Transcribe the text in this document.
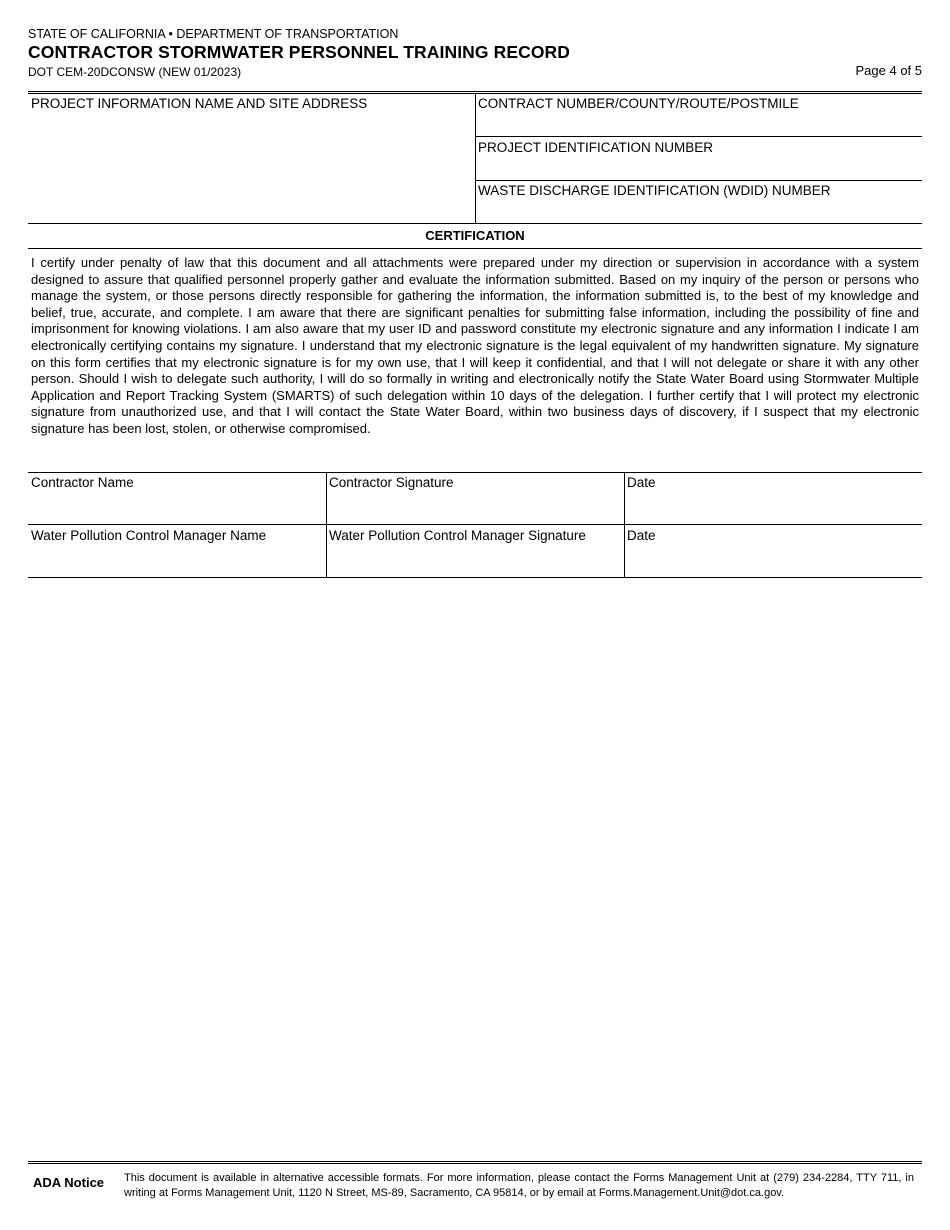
STATE OF CALIFORNIA • DEPARTMENT OF TRANSPORTATION
CONTRACTOR STORMWATER PERSONNEL TRAINING RECORD
DOT CEM-20DCONSW (NEW 01/2023)	Page 4 of 5
PROJECT INFORMATION NAME AND SITE ADDRESS	CONTRACT NUMBER/COUNTY/ROUTE/POSTMILE
PROJECT IDENTIFICATION NUMBER
WASTE DISCHARGE IDENTIFICATION (WDID) NUMBER
CERTIFICATION
I certify under penalty of law that this document and all attachments were prepared under my direction or supervision in accordance with a system designed to assure that qualified personnel properly gather and evaluate the information submitted. Based on my inquiry of the person or persons who manage the system, or those persons directly responsible for gathering the information, the information submitted is, to the best of my knowledge and belief, true, accurate, and complete. I am aware that there are significant penalties for submitting false information, including the possibility of fine and imprisonment for knowing violations. I am also aware that my user ID and password constitute my electronic signature and any information I indicate I am electronically certifying contains my signature. I understand that my electronic signature is the legal equivalent of my handwritten signature. My signature on this form certifies that my electronic signature is for my own use, that I will keep it confidential, and that I will not delegate or share it with any other person. Should I wish to delegate such authority, I will do so formally in writing and electronically notify the State Water Board using Stormwater Multiple Application and Report Tracking System (SMARTS) of such delegation within 10 days of the delegation. I further certify that I will protect my electronic signature from unauthorized use, and that I will contact the State Water Board, within two business days of discovery, if I suspect that my electronic signature has been lost, stolen, or otherwise compromised.
Contractor Name	Contractor Signature	Date
Water Pollution Control Manager Name	Water Pollution Control Manager Signature	Date
ADA Notice This document is available in alternative accessible formats. For more information, please contact the Forms Management Unit at (279) 234-2284, TTY 711, in writing at Forms Management Unit, 1120 N Street, MS-89, Sacramento, CA 95814, or by email at Forms.Management.Unit@dot.ca.gov.
